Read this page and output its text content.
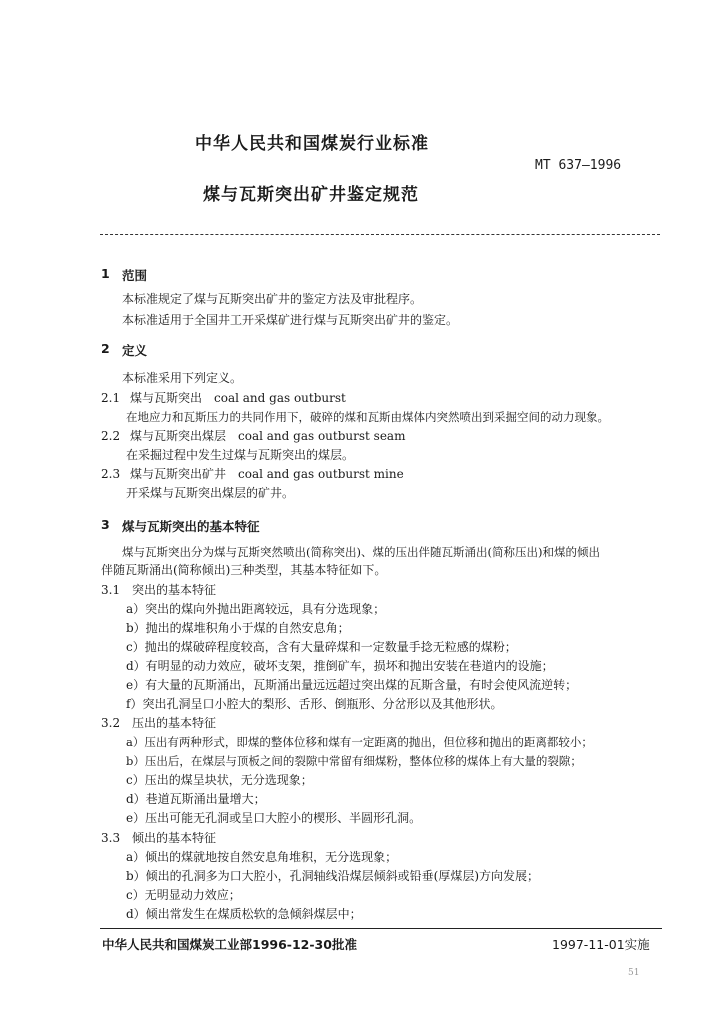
中华人民共和国煤炭行业标准
MT 637—1996
煤与瓦斯突出矿井鉴定规范
1 范围
本标准规定了煤与瓦斯突出矿井的鉴定方法及审批程序。
本标准适用于全国井工开采煤矿进行煤与瓦斯突出矿井的鉴定。
2 定义
本标准采用下列定义。
2.1 煤与瓦斯突出　coal and gas outburst
在地应力和瓦斯压力的共同作用下，破碎的煤和瓦斯由煤体内突然喷出到采掘空间的动力现象。
2.2 煤与瓦斯突出煤层　coal and gas outburst seam
在采掘过程中发生过煤与瓦斯突出的煤层。
2.3 煤与瓦斯突出矿井　coal and gas outburst mine
开采煤与瓦斯突出煤层的矿井。
3 煤与瓦斯突出的基本特征
煤与瓦斯突出分为煤与瓦斯突然喷出(简称突出)、煤的压出伴随瓦斯涌出(简称压出)和煤的倾出
伴随瓦斯涌出(简称倾出)三种类型，其基本特征如下。
3.1 突出的基本特征
a）突出的煤向外抛出距离较远，具有分选现象；
b）抛出的煤堆积角小于煤的自然安息角；
c）抛出的煤破碎程度较高，含有大量碎煤和一定数量手捻无粒感的煤粉；
d）有明显的动力效应，破坏支架，推倒矿车，损坏和抛出安装在巷道内的设施；
e）有大量的瓦斯涌出，瓦斯涌出量远远超过突出煤的瓦斯含量，有时会使风流逆转；
f）突出孔洞呈口小腔大的梨形、舌形、倒瓶形、分岔形以及其他形状。
3.2 压出的基本特征
a）压出有两种形式，即煤的整体位移和煤有一定距离的抛出，但位移和抛出的距离都较小；
b）压出后，在煤层与顶板之间的裂隙中常留有细煤粉，整体位移的煤体上有大量的裂隙；
c）压出的煤呈块状，无分选现象；
d）巷道瓦斯涌出量增大；
e）压出可能无孔洞或呈口大腔小的楔形、半圆形孔洞。
3.3 倾出的基本特征
a）倾出的煤就地按自然安息角堆积，无分选现象；
b）倾出的孔洞多为口大腔小，孔洞轴线沿煤层倾斜或铅垂(厚煤层)方向发展；
c）无明显动力效应；
d）倾出常发生在煤质松软的急倾斜煤层中；
中华人民共和国煤炭工业部1996-12-30批准	1997-11-01实施
51
